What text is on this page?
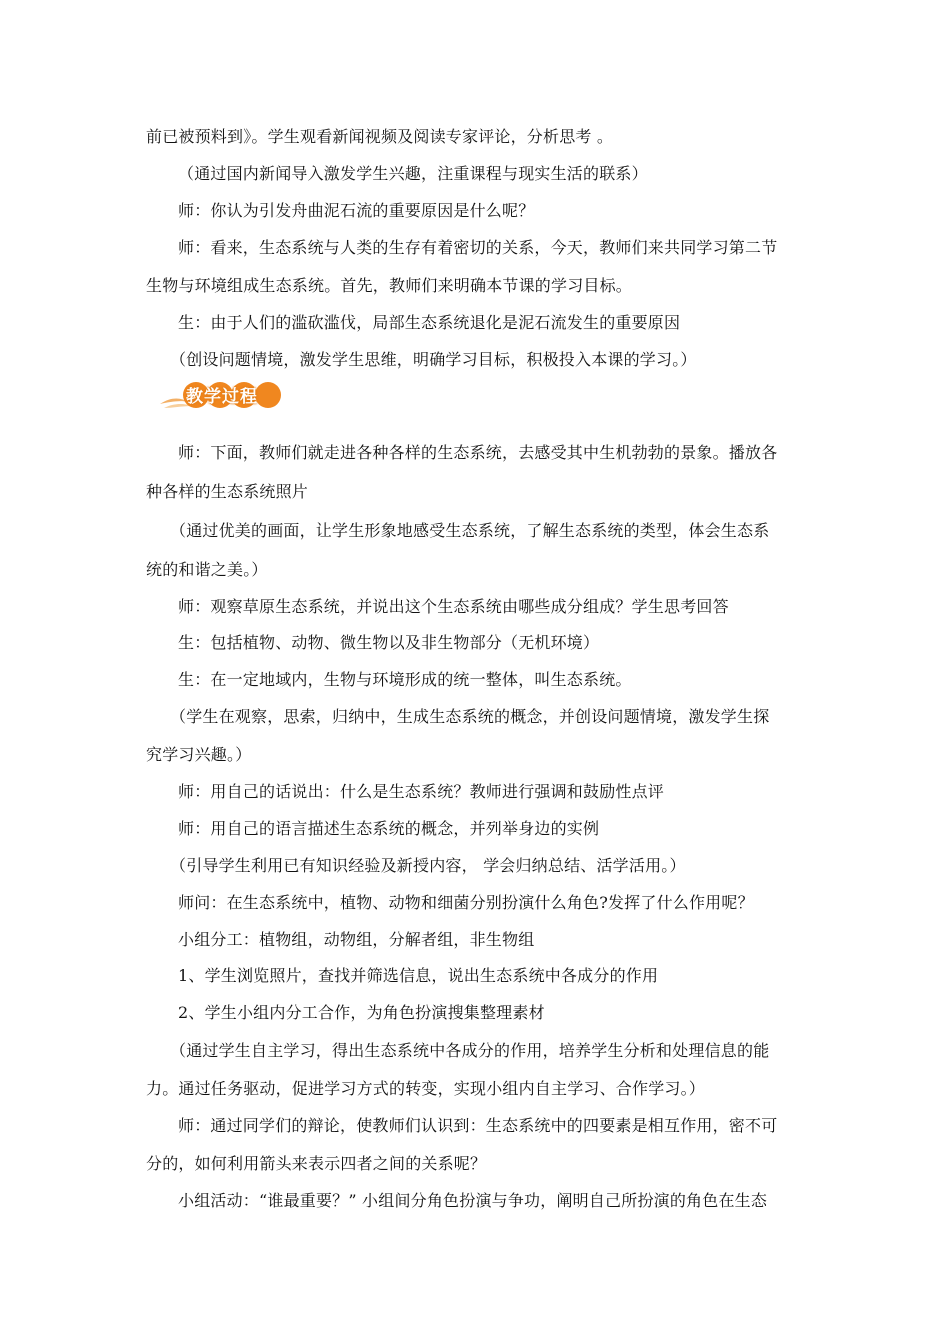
前已被预料到》。学生观看新闻视频及阅读专家评论，分析思考 。
（通过国内新闻导入激发学生兴趣，注重课程与现实生活的联系）
师：你认为引发舟曲泥石流的重要原因是什么呢？
师：看来，生态系统与人类的生存有着密切的关系，今天，教师们来共同学习第二节
生物与环境组成生态系统。首先，教师们来明确本节课的学习目标。
生：由于人们的滥砍滥伐，局部生态系统退化是泥石流发生的重要原因
（创设问题情境，激发学生思维，明确学习目标，积极投入本课的学习。）
教学过程
师：下面，教师们就走进各种各样的生态系统，去感受其中生机勃勃的景象。播放各
种各样的生态系统照片
（通过优美的画面，让学生形象地感受生态系统，了解生态系统的类型，体会生态系
统的和谐之美。）
师：观察草原生态系统，并说出这个生态系统由哪些成分组成？学生思考回答
生：包括植物、动物、微生物以及非生物部分（无机环境）
生：在一定地域内，生物与环境形成的统一整体，叫生态系统。
（学生在观察，思索，归纳中，生成生态系统的概念，并创设问题情境，激发学生探
究学习兴趣。）
师：用自己的话说出：什么是生态系统？教师进行强调和鼓励性点评
师：用自己的语言描述生态系统的概念，并列举身边的实例
（引导学生利用已有知识经验及新授内容， 学会归纳总结、活学活用。）
师问：在生态系统中，植物、动物和细菌分别扮演什么角色?发挥了什么作用呢？
小组分工：植物组，动物组，分解者组，非生物组
1、学生浏览照片，查找并筛选信息，说出生态系统中各成分的作用
2、学生小组内分工合作，为角色扮演搜集整理素材
（通过学生自主学习，得出生态系统中各成分的作用，培养学生分析和处理信息的能
力。通过任务驱动，促进学习方式的转变，实现小组内自主学习、合作学习。）
师：通过同学们的辩论，使教师们认识到：生态系统中的四要素是相互作用，密不可
分的，如何利用箭头来表示四者之间的关系呢？
小组活动：“谁最重要？” 小组间分角色扮演与争功，阐明自己所扮演的角色在生态
